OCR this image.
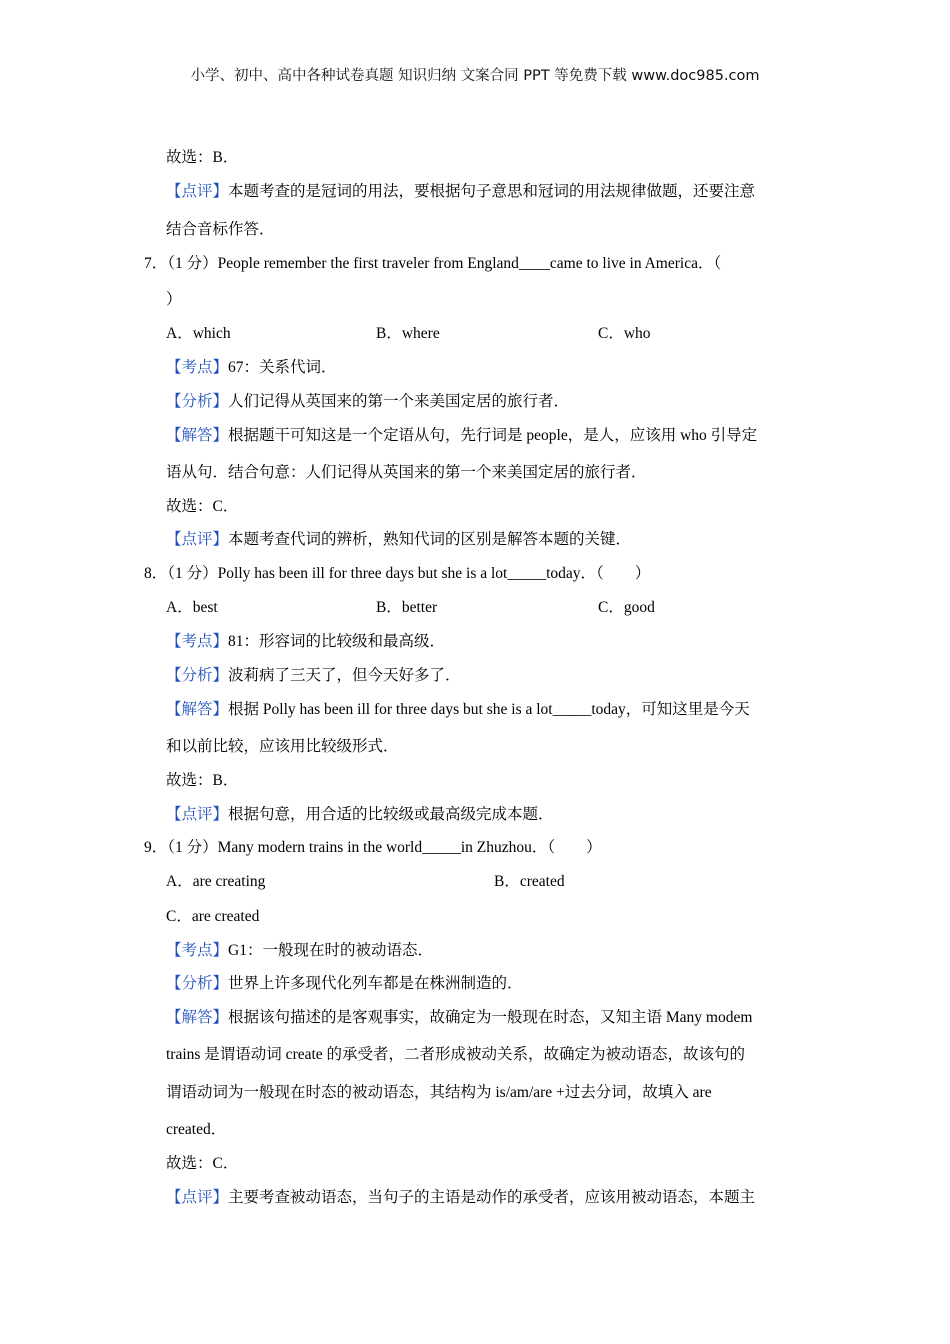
小学、初中、高中各种试卷真题 知识归纳 文案合同 PPT 等免费下载 www.doc985.com
故选：B．
【点评】本题考查的是冠词的用法，要根据句子意思和冠词的用法规律做题，还要注意
结合音标作答．
7．（1 分）People remember the first traveler from England____came to live in America．（
）
A．which	B．where	C．who
【考点】67：关系代词．
【分析】人们记得从英国来的第一个来美国定居的旅行者．
【解答】根据题干可知这是一个定语从句，先行词是 people，是人，应该用 who 引导定
语从句．结合句意：人们记得从英国来的第一个来美国定居的旅行者．
故选：C．
【点评】本题考查代词的辨析，熟知代词的区别是解答本题的关键．
8．（1 分）Polly has been ill for three days but she is a lot_____today．（　　）
A．best	B．better	C．good
【考点】81：形容词的比较级和最高级．
【分析】波莉病了三天了，但今天好多了．
【解答】根据 Polly has been ill for three days but she is a lot_____today，可知这里是今天
和以前比较，应该用比较级形式．
故选：B．
【点评】根据句意，用合适的比较级或最高级完成本题．
9．（1 分）Many modern trains in the world_____in Zhuzhou．（　　）
A．are creating	B．created
C．are created
【考点】G1：一般现在时的被动语态．
【分析】世界上许多现代化列车都是在株洲制造的．
【解答】根据该句描述的是客观事实，故确定为一般现在时态，又知主语 Many modem
trains 是谓语动词 create 的承受者，二者形成被动关系，故确定为被动语态，故该句的
谓语动词为一般现在时态的被动语态，其结构为 is/am/are +过去分词，故填入 are
created．
故选：C．
【点评】主要考查被动语态，当句子的主语是动作的承受者，应该用被动语态，本题主
